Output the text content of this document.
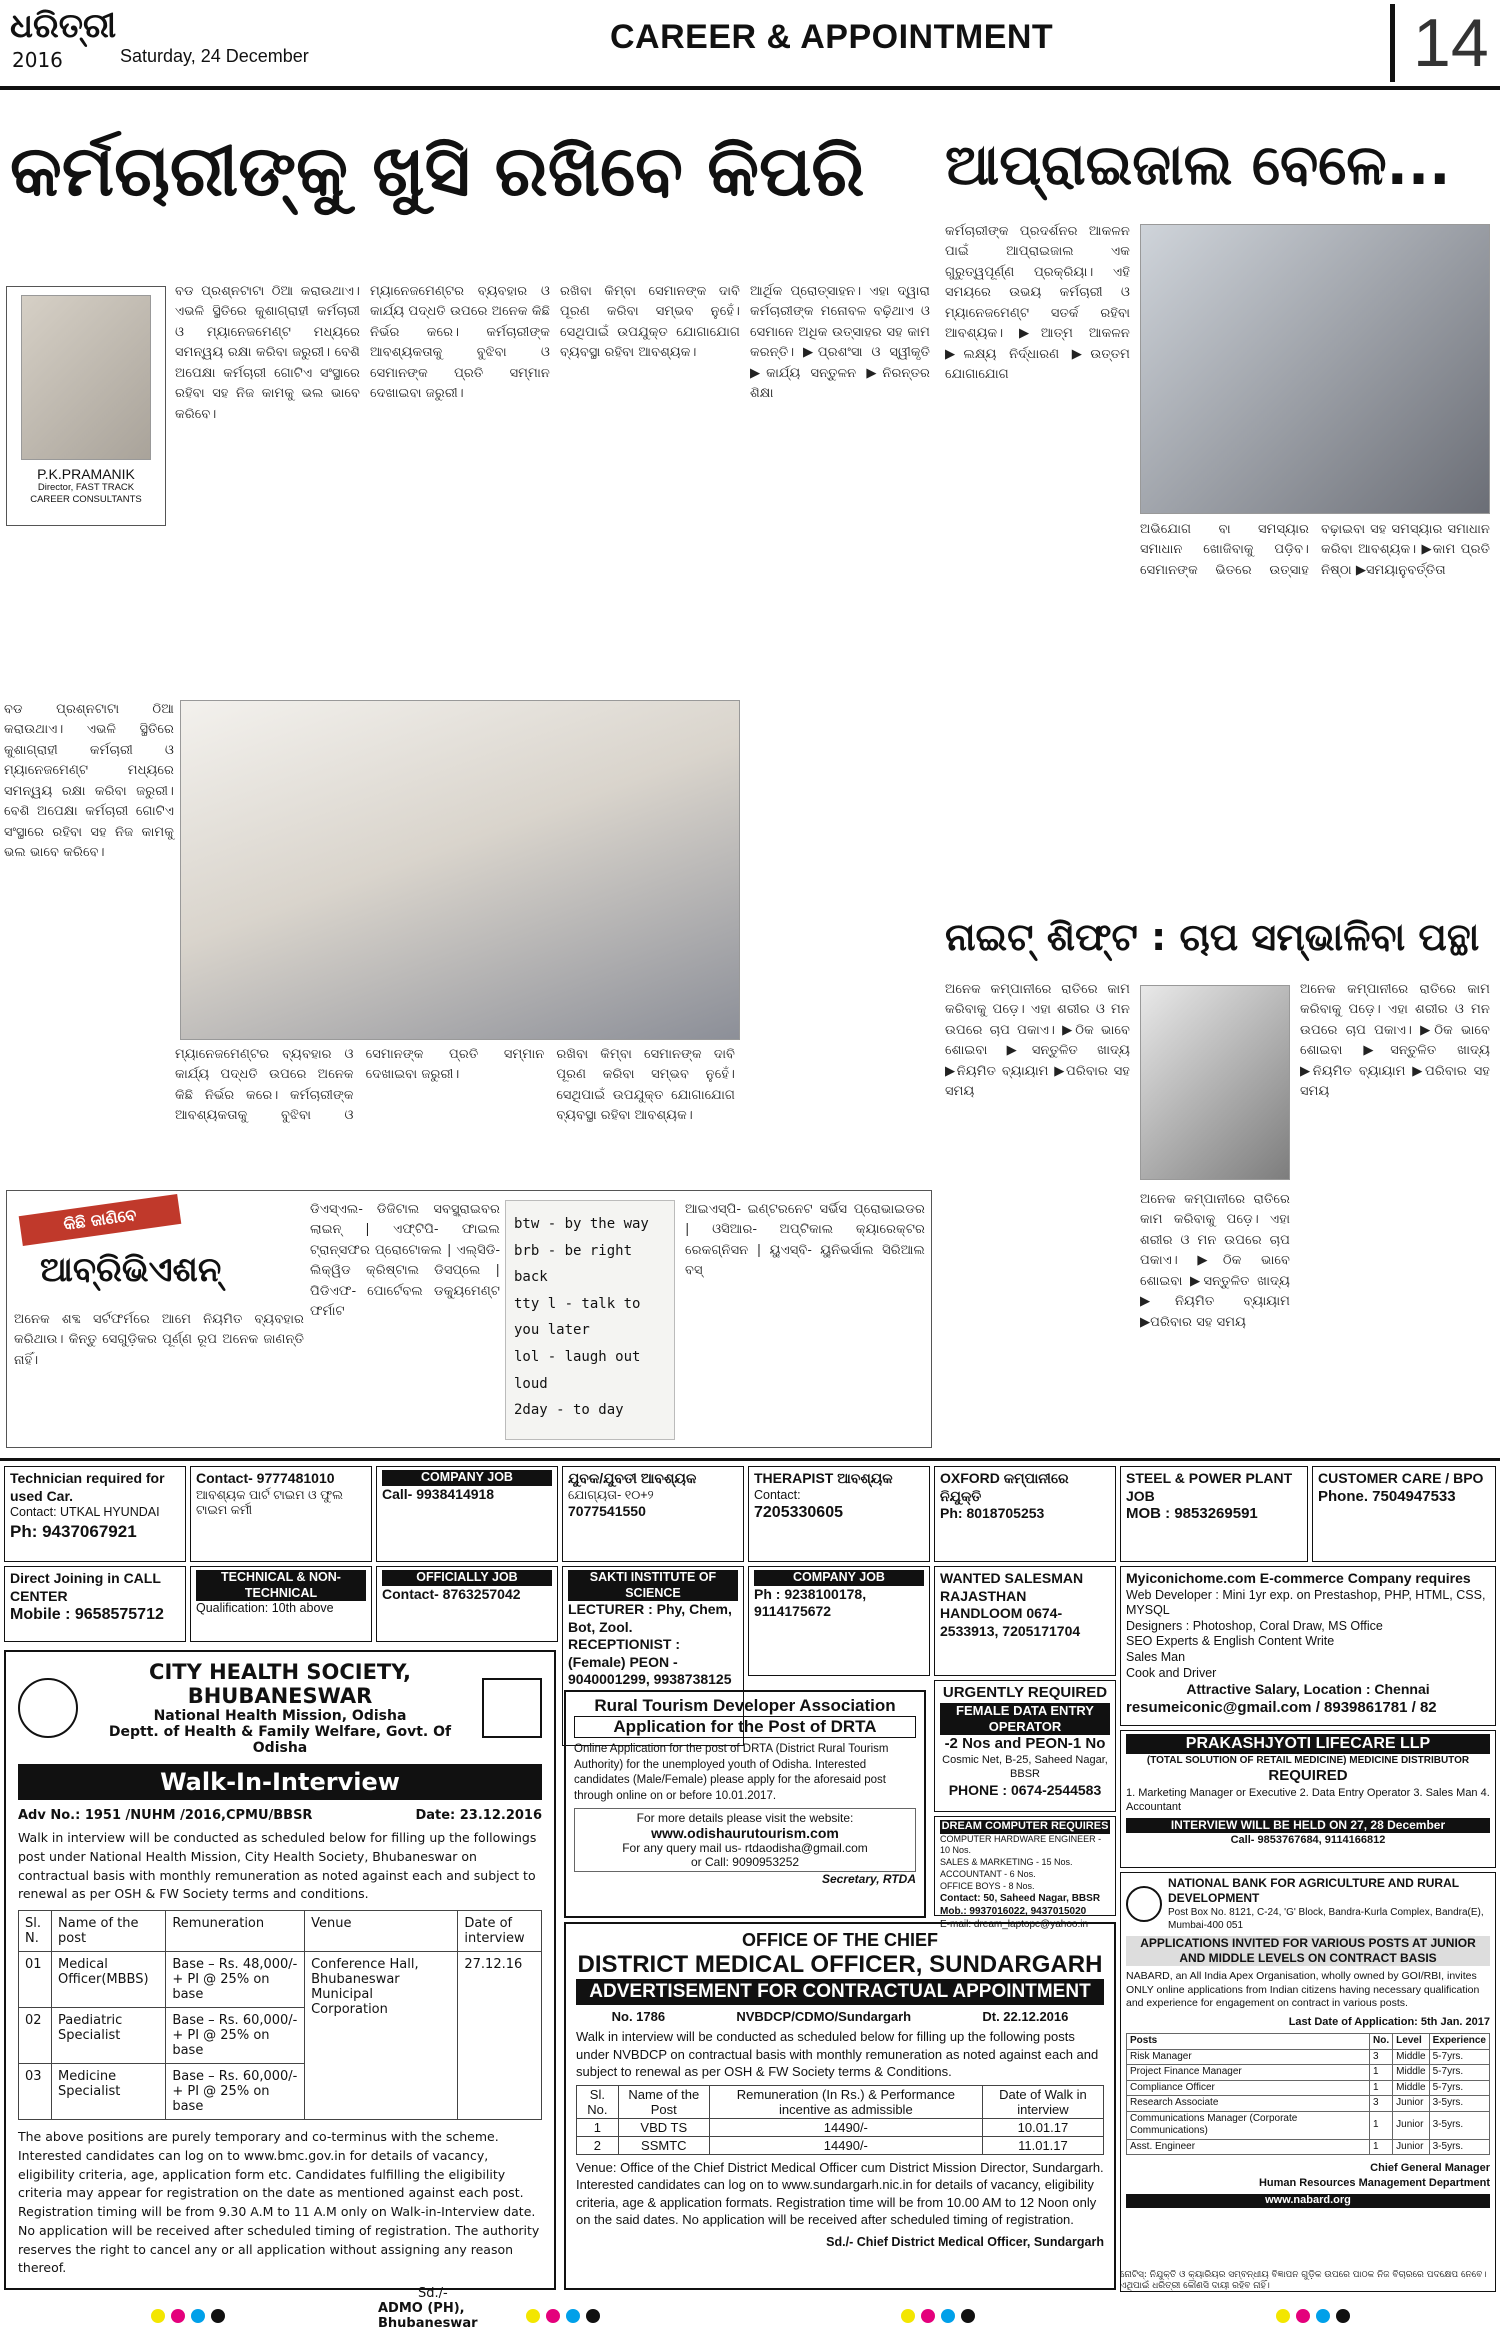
ଧରିତ୍ରୀ
2016	Saturday, 24 December	CAREER & APPOINTMENT	14
କର୍ମଚାରୀଙ୍କୁ ଖୁସି ରଖିବେ କିପରି
P.K.PRAMANIK
Director, FAST TRACK
CAREER CONSULTANTS

ବଡ ପ୍ରଶ୍ନଟାଟା ଠିଆ କରାଉଥାଏ। ଏଭଳି ସ୍ଥିତିରେ କୁଶାଗ୍ରାହୀ କର୍ମଚାରୀ ଓ ମ୍ୟାନେଜମେଣ୍ଟ ମଧ୍ୟରେ ସମନ୍ୱୟ ରକ୍ଷା କରିବା ଜରୁରୀ। ବେଶି ଅପେକ୍ଷା କର୍ମଚାରୀ ଗୋଟିଏ ସଂସ୍ଥାରେ ରହିବା ସହ ନିଜ କାମକୁ ଭଲ ଭାବେ କରିବେ।

ମ୍ୟାନେଜମେଣ୍ଟର ବ୍ୟବହାର ଓ କାର୍ଯ୍ୟ ପଦ୍ଧତି ଉପରେ ଅନେକ କିଛି ନିର୍ଭର କରେ। କର୍ମଚାରୀଙ୍କ ଆବଶ୍ୟକତାକୁ ବୁଝିବା ଓ ସେମାନଙ୍କ ପ୍ରତି ସମ୍ମାନ ଦେଖାଇବା ଜରୁରୀ।

ରଖିବା କିମ୍ବା ସେମାନଙ୍କ ଦାବି ପୂରଣ କରିବା ସମ୍ଭବ ନୁହେଁ। ସେଥିପାଇଁ ଉପଯୁକ୍ତ ଯୋଗାଯୋଗ ବ୍ୟବସ୍ଥା ରହିବା ଆବଶ୍ୟକ।

ଆର୍ଥିକ ପ୍ରୋତ୍ସାହନ। ଏହା ଦ୍ୱାରା କର୍ମଚାରୀଙ୍କ ମନୋବଳ ବଢ଼ିଥାଏ ଓ ସେମାନେ ଅଧିକ ଉତ୍ସାହର ସହ କାମ କରନ୍ତି। ▶ପ୍ରଶଂସା ଓ ସ୍ୱୀକୃତି ▶କାର୍ଯ୍ୟ ସନ୍ତୁଳନ ▶ନିରନ୍ତର ଶିକ୍ଷା

ବଡ ପ୍ରଶ୍ନଟାଟା ଠିଆ କରାଉଥାଏ। ଏଭଳି ସ୍ଥିତିରେ କୁଶାଗ୍ରାହୀ କର୍ମଚାରୀ ଓ ମ୍ୟାନେଜମେଣ୍ଟ ମଧ୍ୟରେ ସମନ୍ୱୟ ରକ୍ଷା କରିବା ଜରୁରୀ। ବେଶି ଅପେକ୍ଷା କର୍ମଚାରୀ ଗୋଟିଏ ସଂସ୍ଥାରେ ରହିବା ସହ ନିଜ କାମକୁ ଭଲ ଭାବେ କରିବେ।

ମ୍ୟାନେଜମେଣ୍ଟର ବ୍ୟବହାର ଓ କାର୍ଯ୍ୟ ପଦ୍ଧତି ଉପରେ ଅନେକ କିଛି ନିର୍ଭର କରେ। କର୍ମଚାରୀଙ୍କ ଆବଶ୍ୟକତାକୁ ବୁଝିବା ଓ ସେମାନଙ୍କ ପ୍ରତି ସମ୍ମାନ ଦେଖାଇବା ଜରୁରୀ।

ରଖିବା କିମ୍ବା ସେମାନଙ୍କ ଦାବି ପୂରଣ କରିବା ସମ୍ଭବ ନୁହେଁ। ସେଥିପାଇଁ ଉପଯୁକ୍ତ ଯୋଗାଯୋଗ ବ୍ୟବସ୍ଥା ରହିବା ଆବଶ୍ୟକ।

ଆପ୍ରାଇଜାଲ ବେଳେ...

କର୍ମଚାରୀଙ୍କ ପ୍ରଦର୍ଶନର ଆକଳନ ପାଇଁ ଆପ୍ରାଇଜାଲ ଏକ ଗୁରୁତ୍ୱପୂର୍ଣ୍ଣ ପ୍ରକ୍ରିୟା। ଏହି ସମୟରେ ଉଭୟ କର୍ମଚାରୀ ଓ ମ୍ୟାନେଜମେଣ୍ଟ ସତର୍କ ରହିବା ଆବଶ୍ୟକ। ▶ଆତ୍ମ ଆକଳନ ▶ଲକ୍ଷ୍ୟ ନିର୍ଦ୍ଧାରଣ ▶ଉତ୍ତମ ଯୋଗାଯୋଗ

ଅଭିଯୋଗ ବା ସମସ୍ୟାର ସମାଧାନ ଖୋଜିବାକୁ ପଡ଼ିବ। ସେମାନଙ୍କ ଭିତରେ ଉତ୍ସାହ ବଢ଼ାଇବା ସହ ସମସ୍ୟାର ସମାଧାନ କରିବା ଆବଶ୍ୟକ। ▶କାମ ପ୍ରତି ନିଷ୍ଠା ▶ସମୟାନୁବର୍ତ୍ତିତା

ନାଇଟ୍ ଶିଫ୍ଟ : ଚାପ ସମ୍ଭାଳିବା ପନ୍ଥା

ଅନେକ କମ୍ପାନୀରେ ରାତିରେ କାମ କରିବାକୁ ପଡ଼େ। ଏହା ଶରୀର ଓ ମନ ଉପରେ ଚାପ ପକାଏ। ▶ଠିକ ଭାବେ ଶୋଇବା ▶ସନ୍ତୁଳିତ ଖାଦ୍ୟ ▶ନିୟମିତ ବ୍ୟାୟାମ ▶ପରିବାର ସହ ସମୟ

ଅନେକ କମ୍ପାନୀରେ ରାତିରେ କାମ କରିବାକୁ ପଡ଼େ। ଏହା ଶରୀର ଓ ମନ ଉପରେ ଚାପ ପକାଏ। ▶ଠିକ ଭାବେ ଶୋଇବା ▶ସନ୍ତୁଳିତ ଖାଦ୍ୟ ▶ନିୟମିତ ବ୍ୟାୟାମ ▶ପରିବାର ସହ ସମୟ

ଅନେକ କମ୍ପାନୀରେ ରାତିରେ କାମ କରିବାକୁ ପଡ଼େ। ଏହା ଶରୀର ଓ ମନ ଉପରେ ଚାପ ପକାଏ। ▶ଠିକ ଭାବେ ଶୋଇବା ▶ସନ୍ତୁଳିତ ଖାଦ୍ୟ ▶ନିୟମିତ ବ୍ୟାୟାମ ▶ପରିବାର ସହ ସମୟ

କିଛି ଜାଣିବେ
ଆବ୍ରିଭିଏଶନ୍

ଅନେକ ଶବ୍ଦ ସର୍ଟଫର୍ମରେ ଆମେ ନିୟମିତ ବ୍ୟବହାର କରିଥାଉ। କିନ୍ତୁ ସେଗୁଡ଼ିକର ପୂର୍ଣ୍ଣ ରୂପ ଅନେକ ଜାଣନ୍ତି ନାହିଁ।

ଡିଏସ୍‌ଏଲ- ଡିଜିଟାଲ ସବସ୍କ୍ରାଇବର ଲାଇନ୍ | ଏଫ୍‌ଟିପି- ଫାଇଲ ଟ୍ରାନ୍ସଫର ପ୍ରୋଟୋକଲ | ଏଲ୍‌ସିଡି- ଲିକ୍ୱିଡ କ୍ରିଷ୍ଟାଲ ଡିସପ୍ଲେ | ପିଡିଏଫ- ପୋର୍ଟେବଲ ଡକ୍ୟୁମେଣ୍ଟ ଫର୍ମାଟ

btw - by the way
brb - be right back
tty l - talk to you later
lol - laugh out loud
2day - to day

ଆଇଏସ୍‌ପି- ଇଣ୍ଟରନେଟ ସର୍ଭିସ ପ୍ରୋଭାଇଡର | ଓସିଆର- ଅପ୍ଟିକାଲ କ୍ୟାରେକ୍ଟର ରେକଗ୍ନିସନ | ୟୁଏସ୍‌ବି- ୟୁନିଭର୍ସାଲ ସିରିଆଲ ବସ୍

Technician required for used Car.
Contact: UTKAL HYUNDAI
Ph: 9437067921
Contact- 9777481010
ଆବଶ୍ୟକ ପାର୍ଟ ଟାଇମ ଓ ଫୁଲ ଟାଇମ କର୍ମୀ
COMPANY JOB
Call- 9938414918
ଯୁବକ/ଯୁବତୀ ଆବଶ୍ୟକ
ଯୋଗ୍ୟତା- ୧୦+୨
7077541550
THERAPIST ଆବଶ୍ୟକ
Contact:
7205330605
OXFORD କମ୍ପାନୀରେ ନିଯୁକ୍ତି
Ph: 8018705253
STEEL & POWER PLANT JOB
MOB : 9853269591
CUSTOMER CARE / BPO
Phone. 7504947533
Direct Joining in CALL CENTER
Mobile : 9658575712
TECHNICAL & NON-TECHNICAL
Qualification: 10th above
OFFICIALLY JOB
Contact- 8763257042
SAKTI INSTITUTE OF SCIENCE
LECTURER : Phy, Chem, Bot, Zool. RECEPTIONIST : (Female) PEON - 9040001299, 9938738125
COMPANY JOB
Ph : 9238100178, 9114175672
WANTED SALESMAN
RAJASTHAN HANDLOOM 0674-2533913, 7205171704
Myiconichome.com E-commerce Company requires
Web Developer : Mini 1yr exp. on Prestashop, PHP, HTML, CSS, MYSQL
Designers : Photoshop, Coral Draw, MS Office
SEO Experts & English Content Write
Sales Man
Cook and Driver
Attractive Salary, Location : Chennai
resumeiconic@gmail.com / 8939861781 / 82
CITY HEALTH SOCIETY, BHUBANESWAR
National Health Mission, Odisha
Deptt. of Health & Family Welfare, Govt. Of Odisha
Walk-In-Interview
Adv No.: 1951 /NUHM /2016,CPMU/BBSR	Date: 23.12.2016
Walk in interview will be conducted as scheduled below for filling up the followings post under National Health Mission, City Health Society, Bhubaneswar on contractual basis with monthly remuneration as noted against each and subject to renewal as per OSH & FW Society terms and conditions.
Sl. N.	Name of the post	Remuneration	Venue	Date of interview
01	Medical Officer(MBBS)	Base – Rs. 48,000/- + PI @ 25% on base	Conference Hall, Bhubaneswar Municipal Corporation	27.12.16
02	Paediatric Specialist	Base – Rs. 60,000/- + PI @ 25% on base		
03	Medicine Specialist	Base – Rs. 60,000/- + PI @ 25% on base		
The above positions are purely temporary and co-terminus with the scheme. Interested candidates can log on to www.bmc.gov.in for details of vacancy, eligibility criteria, age, application form etc. Candidates fulfilling the eligibility criteria may appear for registration on the date as mentioned against each post. Registration timing will be from 9.30 A.M to 11 A.M only on Walk-in-Interview date. No application will be received after scheduled timing of registration. The authority reserves the right to cancel any or all application without assigning any reason thereof.
Sd./-
ADMO (PH), Bhubaneswar
Rural Tourism Developer Association
Application for the Post of DRTA
Online Application for the post of DRTA (District Rural Tourism Authority) for the unemployed youth of Odisha. Interested candidates (Male/Female) please apply for the aforesaid post through online on or before 10.01.2017.
For more details please visit the website:
www.odishaurutourism.com
For any query mail us- rtdaodisha@gmail.com
or Call: 9090953252
Secretary, RTDA
URGENTLY REQUIRED
FEMALE DATA ENTRY OPERATOR
-2 Nos and PEON-1 No
Cosmic Net, B-25, Saheed Nagar, BBSR
PHONE : 0674-2544583
DREAM COMPUTER REQUIRES
COMPUTER HARDWARE ENGINEER - 10 Nos.
SALES & MARKETING - 15 Nos.
ACCOUNTANT - 6 Nos.
OFFICE BOYS - 8 Nos.
Contact: 50, Saheed Nagar, BBSR
Mob.: 9937016022, 9437015020
E-mail: dream_laptopc@yahoo.in
PRAKASHJYOTI LIFECARE LLP
(TOTAL SOLUTION OF RETAIL MEDICINE) MEDICINE DISTRIBUTOR
REQUIRED
1. Marketing Manager or Executive 2. Data Entry Operator 3. Sales Man 4. Accountant
INTERVIEW WILL BE HELD ON 27, 28 December
Call- 9853767684, 9114166812
NATIONAL BANK FOR AGRICULTURE AND RURAL DEVELOPMENT
Post Box No. 8121, C-24, 'G' Block, Bandra-Kurla Complex, Bandra(E), Mumbai-400 051
APPLICATIONS INVITED FOR VARIOUS POSTS AT JUNIOR AND MIDDLE LEVELS ON CONTRACT BASIS
NABARD, an All India Apex Organisation, wholly owned by GOI/RBI, invites ONLY online applications from Indian citizens having necessary qualification and experience for engagement on contract in various posts.
Last Date of Application: 5th Jan. 2017
Posts	No.	Level	Experience
Risk Manager	3	Middle	5-7yrs.
Project Finance Manager	1	Middle	5-7yrs.
Compliance Officer	1	Middle	5-7yrs.
Research Associate	3	Junior	3-5yrs.
Communications Manager (Corporate Communications)	1	Junior	3-5yrs.
Asst. Engineer	1	Junior	3-5yrs.
Chief General Manager
Human Resources Management Department
www.nabard.org
OFFICE OF THE CHIEF
DISTRICT MEDICAL OFFICER, SUNDARGARH
ADVERTISEMENT FOR CONTRACTUAL APPOINTMENT
No. 1786	NVBDCP/CDMO/Sundargarh	Dt. 22.12.2016
Walk in interview will be conducted as scheduled below for filling up the following posts under NVBDCP on contractual basis with monthly remuneration as noted against each and subject to renewal as per OSH & FW Society terms & Conditions.
Sl. No.	Name of the Post	Remuneration (In Rs.) & Performance incentive as admissible	Date of Walk in interview
1	VBD TS	14490/-	10.01.17
2	SSMTC	14490/-	11.01.17
Venue: Office of the Chief District Medical Officer cum District Mission Director, Sundargarh.
Interested candidates can log on to www.sundargarh.nic.in for details of vacancy, eligibility criteria, age & application formats. Registration time will be from 10.00 AM to 12 Noon only on the said dates. No application will be received after scheduled timing of registration.
Sd./- Chief District Medical Officer, Sundargarh
ନୋଟିସ୍: ନିଯୁକ୍ତି ଓ କ୍ୟାରିୟର ସମ୍ବନ୍ଧୀୟ ବିଜ୍ଞାପନ ଗୁଡ଼ିକ ଉପରେ ପାଠକ ନିଜ ବିଚାରରେ ପଦକ୍ଷେପ ନେବେ। ଏଥିପାଇଁ ଧରିତ୍ରୀ କୌଣସି ଦାୟୀ ରହିବ ନାହିଁ।
